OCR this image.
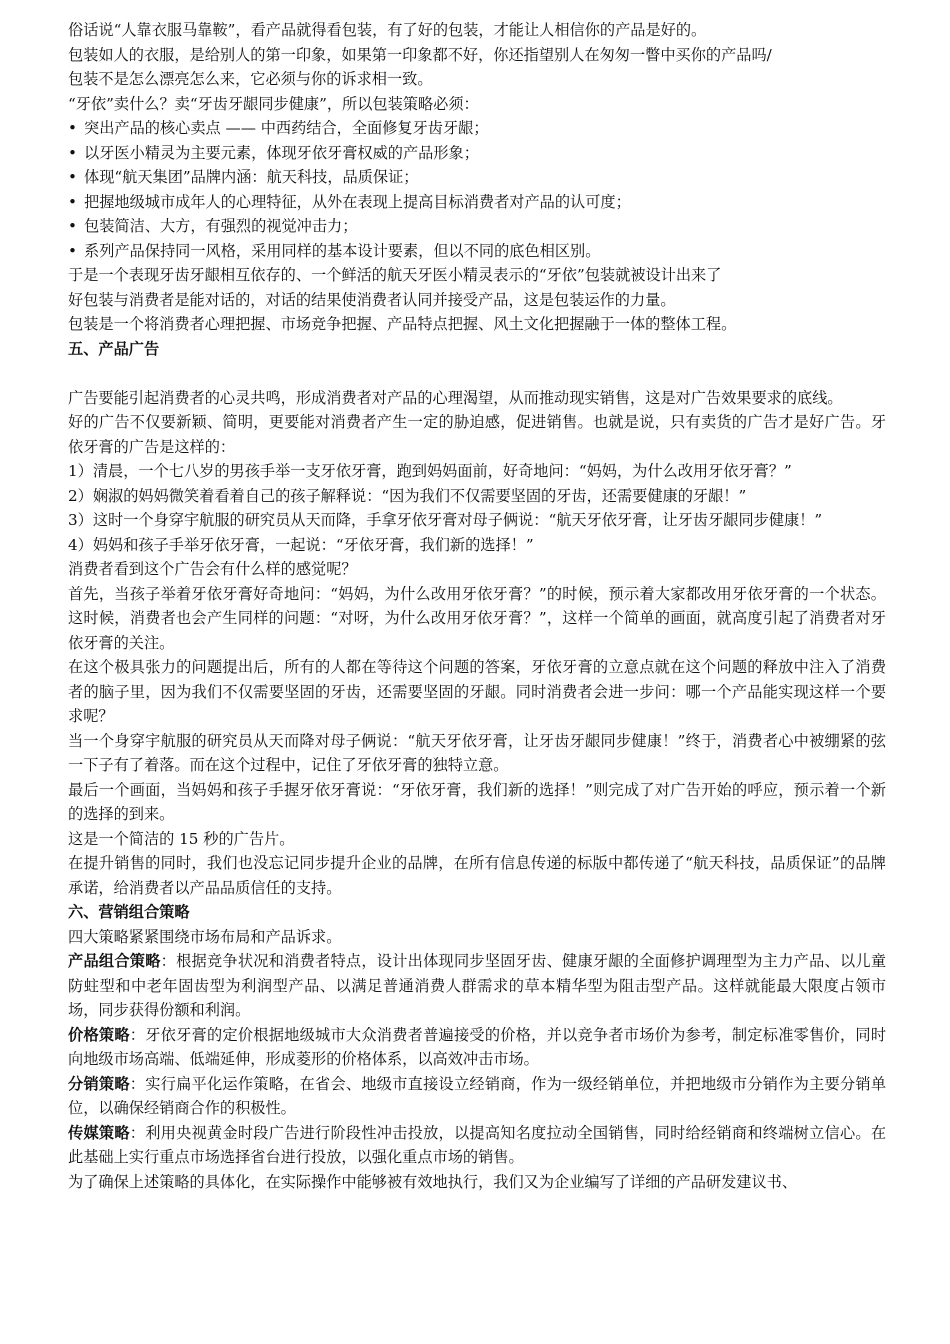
俗话说“人靠衣服马靠鞍”，看产品就得看包装，有了好的包装，才能让人相信你的产品是好的。

包装如人的衣服，是给别人的第一印象，如果第一印象都不好，你还指望别人在匆匆一瞥中买你的产品吗/

包装不是怎么漂亮怎么来，它必须与你的诉求相一致。

“牙依”卖什么？卖“牙齿牙龈同步健康”，所以包装策略必须：

• 突出产品的核心卖点 —— 中西药结合，全面修复牙齿牙龈；

• 以牙医小精灵为主要元素，体现牙依牙膏权威的产品形象；

• 体现“航天集团”品牌内涵：航天科技，品质保证；

• 把握地级城市成年人的心理特征，从外在表现上提高目标消费者对产品的认可度；

• 包装简洁、大方，有强烈的视觉冲击力；

• 系列产品保持同一风格，采用同样的基本设计要素，但以不同的底色相区别。

于是一个表现牙齿牙龈相互依存的、一个鲜活的航天牙医小精灵表示的“牙依”包装就被设计出来了

好包装与消费者是能对话的，对话的结果使消费者认同并接受产品，这是包装运作的力量。

包装是一个将消费者心理把握、市场竞争把握、产品特点把握、风土文化把握融于一体的整体工程。

五、产品广告

广告要能引起消费者的心灵共鸣，形成消费者对产品的心理渴望，从而推动现实销售，这是对广告效果要求的底线。

好的广告不仅要新颖、简明，更要能对消费者产生一定的胁迫感，促进销售。也就是说，只有卖货的广告才是好广告。牙依牙膏的广告是这样的：

1）清晨，一个七八岁的男孩手举一支牙依牙膏，跑到妈妈面前，好奇地问：“妈妈，为什么改用牙依牙膏？”

2）娴淑的妈妈微笑着看着自己的孩子解释说：“因为我们不仅需要坚固的牙齿，还需要健康的牙龈！”

3）这时一个身穿宇航服的研究员从天而降，手拿牙依牙膏对母子俩说：“航天牙依牙膏，让牙齿牙龈同步健康！”

4）妈妈和孩子手举牙依牙膏，一起说：“牙依牙膏，我们新的选择！”

消费者看到这个广告会有什么样的感觉呢？

首先，当孩子举着牙依牙膏好奇地问：“妈妈，为什么改用牙依牙膏？”的时候，预示着大家都改用牙依牙膏的一个状态。这时候，消费者也会产生同样的问题：“对呀，为什么改用牙依牙膏？”，这样一个简单的画面，就高度引起了消费者对牙依牙膏的关注。

在这个极具张力的问题提出后，所有的人都在等待这个问题的答案，牙依牙膏的立意点就在这个问题的释放中注入了消费者的脑子里，因为我们不仅需要坚固的牙齿，还需要坚固的牙龈。同时消费者会进一步问：哪一个产品能实现这样一个要求呢？

当一个身穿宇航服的研究员从天而降对母子俩说：“航天牙依牙膏，让牙齿牙龈同步健康！”终于，消费者心中被绷紧的弦一下子有了着落。而在这个过程中，记住了牙依牙膏的独特立意。

最后一个画面，当妈妈和孩子手握牙依牙膏说：“牙依牙膏，我们新的选择！”则完成了对广告开始的呼应，预示着一个新的选择的到来。

这是一个简洁的 15 秒的广告片。

在提升销售的同时，我们也没忘记同步提升企业的品牌，在所有信息传递的标版中都传递了“航天科技，品质保证”的品牌承诺，给消费者以产品品质信任的支持。

六、营销组合策略

四大策略紧紧围绕市场布局和产品诉求。

产品组合策略：根据竞争状况和消费者特点，设计出体现同步坚固牙齿、健康牙龈的全面修护调理型为主力产品、以儿童防蛀型和中老年固齿型为利润型产品、以满足普通消费人群需求的草本精华型为阻击型产品。这样就能最大限度占领市场，同步获得份额和利润。

价格策略：牙依牙膏的定价根据地级城市大众消费者普遍接受的价格，并以竞争者市场价为参考，制定标准零售价，同时向地级市场高端、低端延伸，形成菱形的价格体系，以高效冲击市场。

分销策略：实行扁平化运作策略，在省会、地级市直接设立经销商，作为一级经销单位，并把地级市分销作为主要分销单位，以确保经销商合作的积极性。

传媒策略：利用央视黄金时段广告进行阶段性冲击投放，以提高知名度拉动全国销售，同时给经销商和终端树立信心。在此基础上实行重点市场选择省台进行投放，以强化重点市场的销售。

为了确保上述策略的具体化，在实际操作中能够被有效地执行，我们又为企业编写了详细的产品研发建议书、
